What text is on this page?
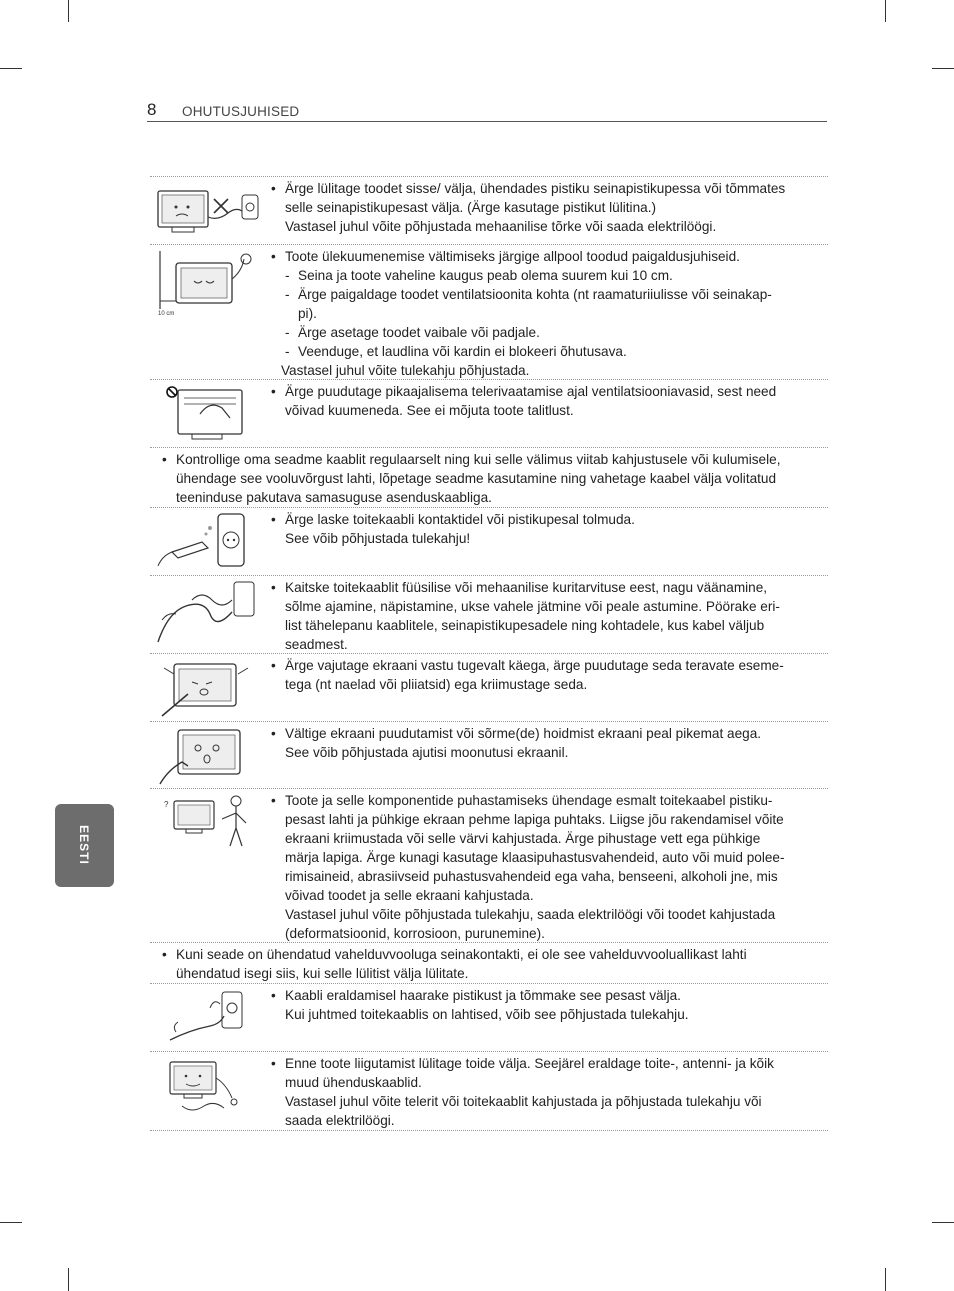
8 OHUTUSJUHISED
EESTI
• Ärge lülitage toodet sisse/ välja, ühendades pistiku seinapistikupessa või tõmmates
selle seinapistikupesast välja. (Ärge kasutage pistikut lülitina.)
Vastasel juhul võite põhjustada mehaanilise tõrke või saada elektrilöögi.
10 cm
• Toote ülekuumenemise vältimiseks järgige allpool toodud paigaldusjuhiseid.
- Seina ja toote vaheline kaugus peab olema suurem kui 10 cm.
- Ärge paigaldage toodet ventilatsioonita kohta (nt raamaturiiulisse või seinakap-
pi).
- Ärge asetage toodet vaibale või padjale.
- Veenduge, et laudlina või kardin ei blokeeri õhutusava.
Vastasel juhul võite tulekahju põhjustada.
• Ärge puudutage pikaajalisema telerivaatamise ajal ventilatsiooniavasid, sest need
võivad kuumeneda. See ei mõjuta toote talitlust.
• Kontrollige oma seadme kaablit regulaarselt ning kui selle välimus viitab kahjustusele või kulumisele,
ühendage see vooluvõrgust lahti, lõpetage seadme kasutamine ning vahetage kaabel välja volitatud
teeninduse pakutava samasuguse asenduskaabliga.
• Ärge laske toitekaabli kontaktidel või pistikupesal tolmuda.
See võib põhjustada tulekahju!
• Kaitske toitekaablit füüsilise või mehaanilise kuritarvituse eest, nagu väänamine,
sõlme ajamine, näpistamine, ukse vahele jätmine või peale astumine. Pöörake eri-
list tähelepanu kaablitele, seinapistikupesadele ning kohtadele, kus kabel väljub
seadmest.
• Ärge vajutage ekraani vastu tugevalt käega, ärge puudutage seda teravate eseme-
tega (nt naelad või pliiatsid) ega kriimustage seda.
• Vältige ekraani puudutamist või sõrme(de) hoidmist ekraani peal pikemat aega.
See võib põhjustada ajutisi moonutusi ekraanil.
?
•	Toote ja selle komponentide puhastamiseks ühendage esmalt toitekaabel pistiku-
pesast lahti ja pühkige ekraan pehme lapiga puhtaks. Liigse jõu rakendamisel võite
ekraani kriimustada või selle värvi kahjustada. Ärge pihustage vett ega pühkige
märja lapiga. Ärge kunagi kasutage klaasipuhastusvahendeid, auto või muid polee-
rimisaineid, abrasiivseid puhastusvahendeid ega vaha, benseeni, alkoholi jne, mis
võivad toodet ja selle ekraani kahjustada.
Vastasel juhul võite põhjustada tulekahju, saada elektrilöögi või toodet kahjustada
(deformatsioonid, korrosioon, purunemine).
• Kuni seade on ühendatud vahelduvvooluga seinakontakti, ei ole see vahelduvvooluallikast lahti
ühendatud isegi siis, kui selle lülitist välja lülitate.
• Kaabli eraldamisel haarake pistikust ja tõmmake see pesast välja.
Kui juhtmed toitekaablis on lahtised, võib see põhjustada tulekahju.
• Enne toote liigutamist lülitage toide välja. Seejärel eraldage toite-, antenni- ja kõik
muud ühenduskaablid.
Vastasel juhul võite telerit või toitekaablit kahjustada ja põhjustada tulekahju või
saada elektrilöögi.
